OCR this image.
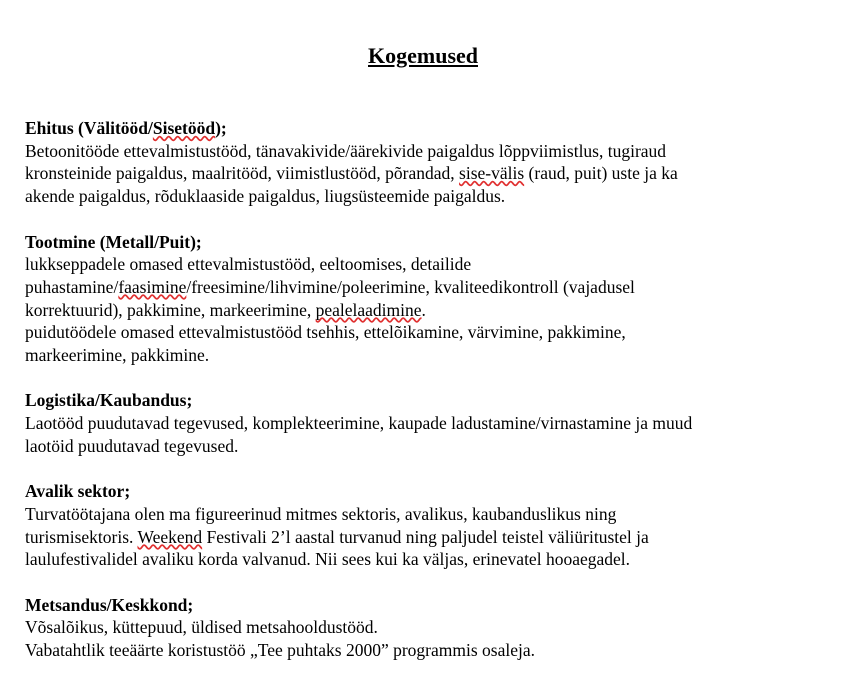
Kogemused
Ehitus (Välitööd/Sisetööd);
Betoonitööde ettevalmistustööd, tänavakivide/äärekivide paigaldus lõppviimistlus, tugiraud
kronsteinide paigaldus, maalritööd, viimistlustööd, põrandad, sise-välis (raud, puit) uste ja ka
akende paigaldus, rõduklaaside paigaldus, liugsüsteemide paigaldus.
Tootmine (Metall/Puit);
lukkseppadele omased ettevalmistustööd, eeltoomises, detailide
puhastamine/faasimine/freesimine/lihvimine/poleerimine, kvaliteedikontroll (vajadusel
korrektuurid), pakkimine, markeerimine, pealelaadimine.
puidutöödele omased ettevalmistustööd tsehhis, ettelõikamine, värvimine, pakkimine,
markeerimine, pakkimine.
Logistika/Kaubandus;
Laotööd puudutavad tegevused, komplekteerimine, kaupade ladustamine/virnastamine ja muud
laotöid puudutavad tegevused.
Avalik sektor;
Turvatöötajana olen ma figureerinud mitmes sektoris, avalikus, kaubanduslikus ning
turismisektoris. Weekend Festivali 2’l aastal turvanud ning paljudel teistel väliüritustel ja
laulufestivalidel avaliku korda valvanud. Nii sees kui ka väljas, erinevatel hooaegadel.
Metsandus/Keskkond;
Võsalõikus, küttepuud, üldised metsahooldustööd.
Vabatahtlik teeäärte koristustöö „Tee puhtaks 2000” programmis osaleja.
